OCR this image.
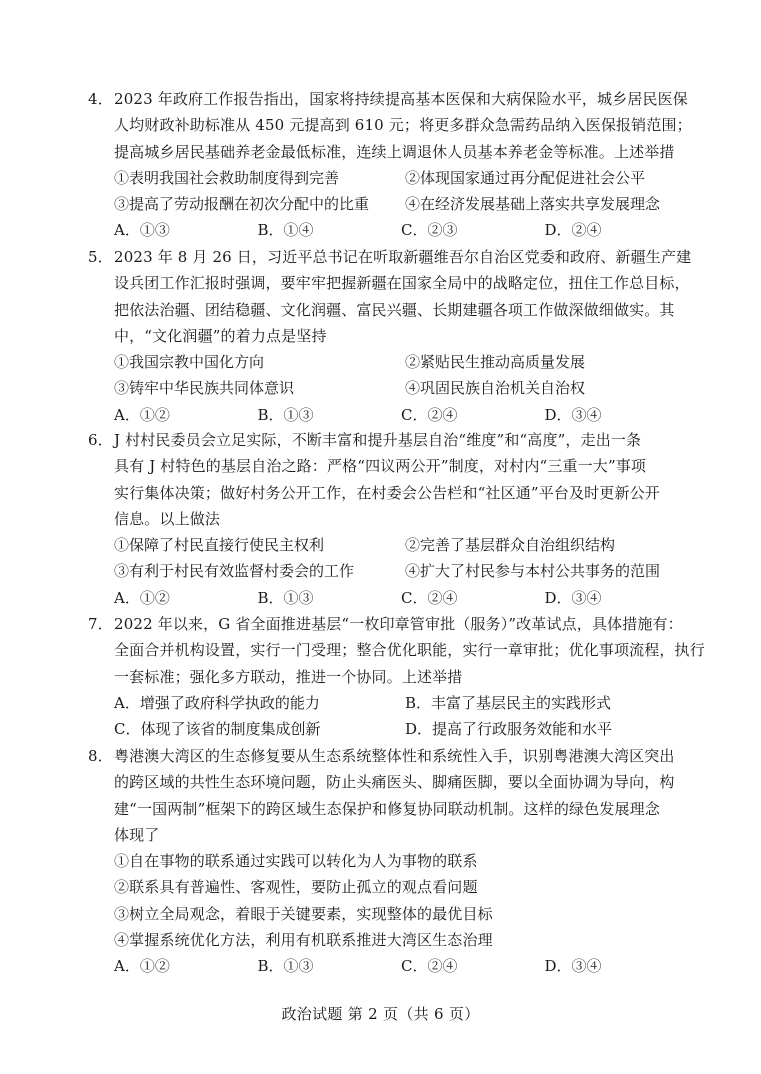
4．2023 年政府工作报告指出，国家将持续提高基本医保和大病保险水平，城乡居民医保
人均财政补助标准从 450 元提高到 610 元；将更多群众急需药品纳入医保报销范围；
提高城乡居民基础养老金最低标准，连续上调退休人员基本养老金等标准。上述举措
①表明我国社会救助制度得到完善	②体现国家通过再分配促进社会公平
③提高了劳动报酬在初次分配中的比重	④在经济发展基础上落实共享发展理念
A．①③	B．①④	C．②③	D．②④
5．2023 年 8 月 26 日，习近平总书记在听取新疆维吾尔自治区党委和政府、新疆生产建
设兵团工作汇报时强调，要牢牢把握新疆在国家全局中的战略定位，扭住工作总目标，
把依法治疆、团结稳疆、文化润疆、富民兴疆、长期建疆各项工作做深做细做实。其
中，“文化润疆”的着力点是坚持
①我国宗教中国化方向	②紧贴民生推动高质量发展
③铸牢中华民族共同体意识	④巩固民族自治机关自治权
A．①②	B．①③	C．②④	D．③④
6．J 村村民委员会立足实际，不断丰富和提升基层自治“维度”和“高度”，走出一条
具有 J 村特色的基层自治之路：严格“四议两公开”制度，对村内“三重一大”事项
实行集体决策；做好村务公开工作，在村委会公告栏和“社区通”平台及时更新公开
信息。以上做法
①保障了村民直接行使民主权利	②完善了基层群众自治组织结构
③有利于村民有效监督村委会的工作	④扩大了村民参与本村公共事务的范围
A．①②	B．①③	C．②④	D．③④
7．2022 年以来，G 省全面推进基层“一枚印章管审批（服务）”改革试点，具体措施有：
全面合并机构设置，实行一门受理；整合优化职能，实行一章审批；优化事项流程，执行
一套标准；强化多方联动，推进一个协同。上述举措
A．增强了政府科学执政的能力	B．丰富了基层民主的实践形式
C．体现了该省的制度集成创新	D．提高了行政服务效能和水平
8．粤港澳大湾区的生态修复要从生态系统整体性和系统性入手，识别粤港澳大湾区突出
的跨区域的共性生态环境问题，防止头痛医头、脚痛医脚，要以全面协调为导向，构
建“一国两制”框架下的跨区域生态保护和修复协同联动机制。这样的绿色发展理念
体现了
①自在事物的联系通过实践可以转化为人为事物的联系
②联系具有普遍性、客观性，要防止孤立的观点看问题
③树立全局观念，着眼于关键要素，实现整体的最优目标
④掌握系统优化方法，利用有机联系推进大湾区生态治理
A．①②	B．①③	C．②④	D．③④
政治试题 第 2 页（共 6 页）
